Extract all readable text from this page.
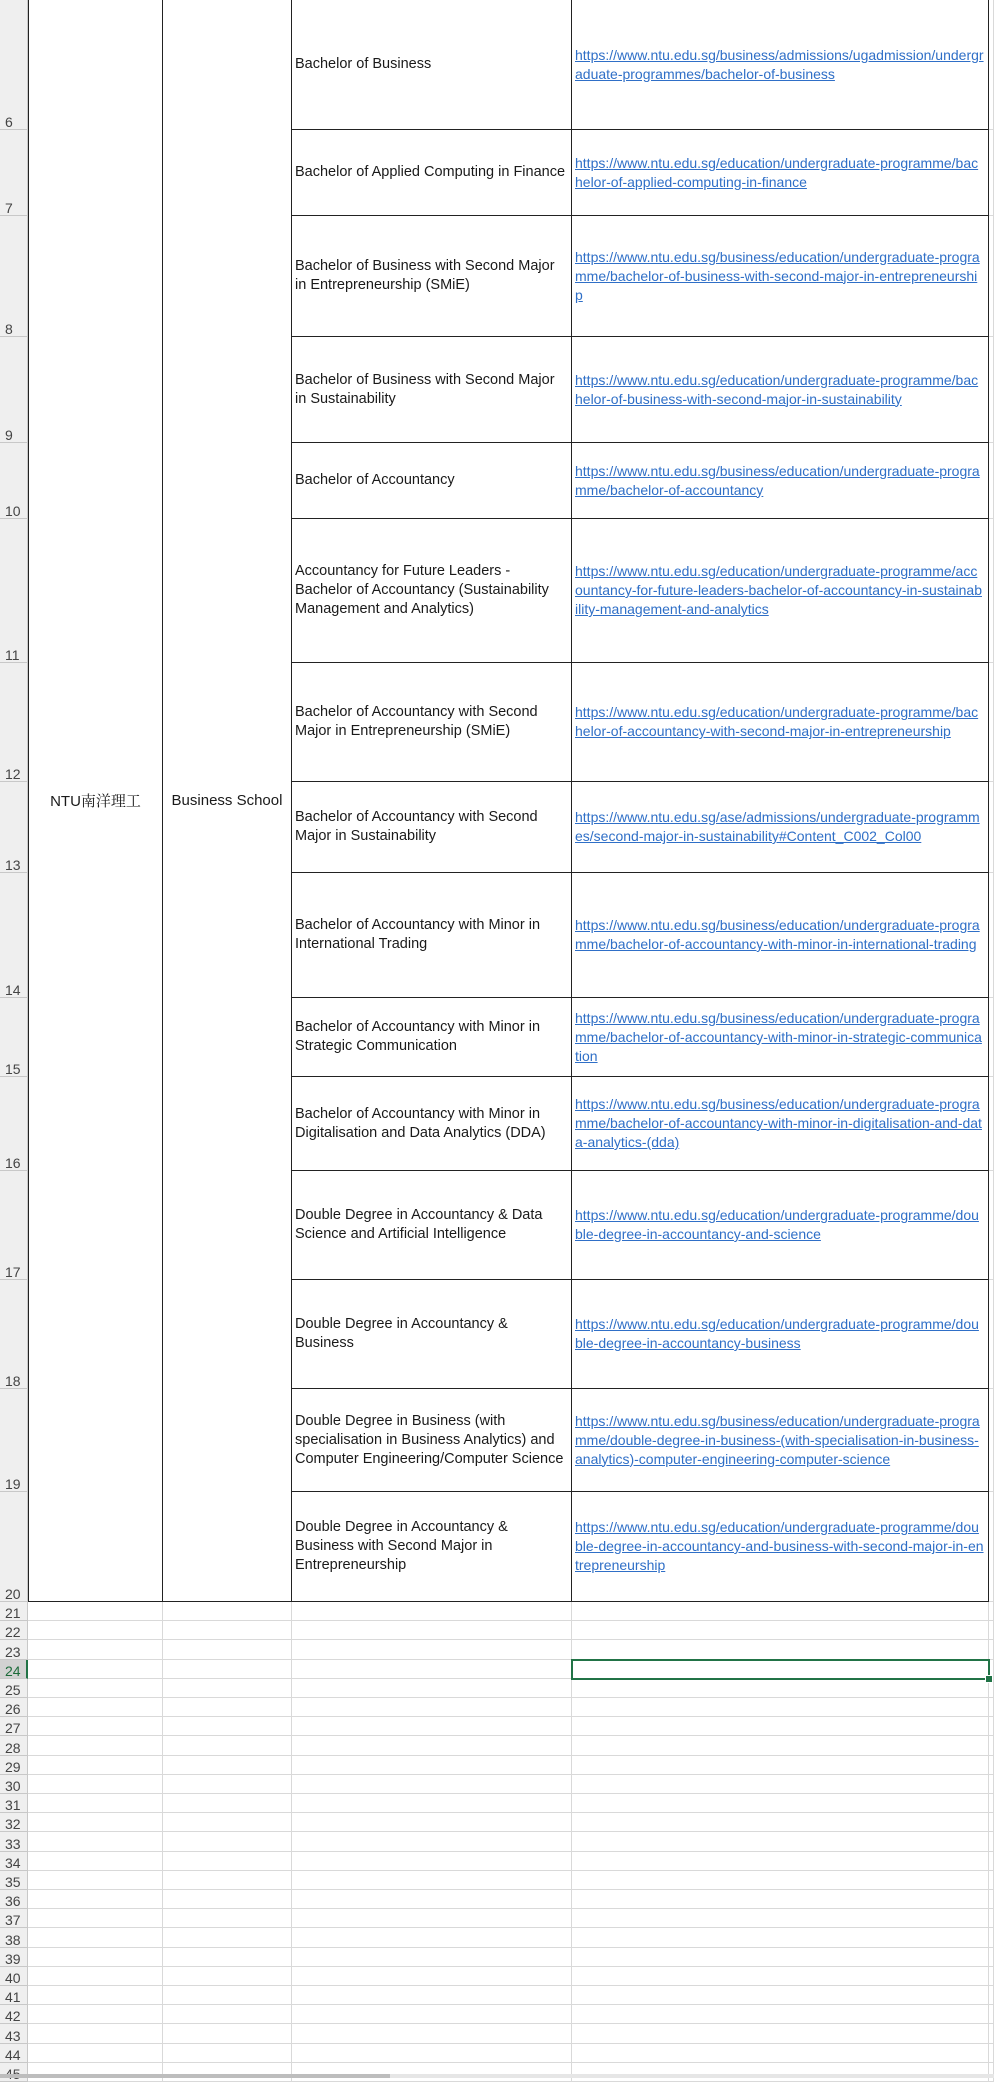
6
Bachelor of Business
https://www.ntu.edu.sg/business/admissions/ugadmission/undergraduate-programmes/bachelor-of-business
7
Bachelor of Applied Computing in Finance
https://www.ntu.edu.sg/education/undergraduate-programme/bachelor-of-applied-computing-in-finance
8
Bachelor of Business with Second Major in Entrepreneurship (SMiE)
https://www.ntu.edu.sg/business/education/undergraduate-programme/bachelor-of-business-with-second-major-in-entrepreneurship
9
Bachelor of Business with Second Major in Sustainability
https://www.ntu.edu.sg/education/undergraduate-programme/bachelor-of-business-with-second-major-in-sustainability
10
Bachelor of Accountancy
https://www.ntu.edu.sg/business/education/undergraduate-programme/bachelor-of-accountancy
11
Accountancy for Future Leaders - Bachelor of Accountancy (Sustainability Management and Analytics)
https://www.ntu.edu.sg/education/undergraduate-programme/accountancy-for-future-leaders-bachelor-of-accountancy-in-sustainability-management-and-analytics
12
Bachelor of Accountancy with Second Major in Entrepreneurship (SMiE)
https://www.ntu.edu.sg/education/undergraduate-programme/bachelor-of-accountancy-with-second-major-in-entrepreneurship
13
Bachelor of Accountancy with Second Major in Sustainability
https://www.ntu.edu.sg/ase/admissions/undergraduate-programmes/second-major-in-sustainability#Content_C002_Col00
14
Bachelor of Accountancy with Minor in International Trading
https://www.ntu.edu.sg/business/education/undergraduate-programme/bachelor-of-accountancy-with-minor-in-international-trading
15
Bachelor of Accountancy with Minor in Strategic Communication
https://www.ntu.edu.sg/business/education/undergraduate-programme/bachelor-of-accountancy-with-minor-in-strategic-communication
16
Bachelor of Accountancy with Minor in Digitalisation and Data Analytics (DDA)
https://www.ntu.edu.sg/business/education/undergraduate-programme/bachelor-of-accountancy-with-minor-in-digitalisation-and-data-analytics-(dda)
17
Double Degree in Accountancy & Data Science and Artificial Intelligence
https://www.ntu.edu.sg/education/undergraduate-programme/double-degree-in-accountancy-and-science
18
Double Degree in Accountancy & Business
https://www.ntu.edu.sg/education/undergraduate-programme/double-degree-in-accountancy-business
19
Double Degree in Business (with specialisation in Business Analytics) and Computer Engineering/Computer Science
https://www.ntu.edu.sg/business/education/undergraduate-programme/double-degree-in-business-(with-specialisation-in-business-analytics)-computer-engineering-computer-science
20
Double Degree in Accountancy & Business with Second Major in Entrepreneurship
https://www.ntu.edu.sg/education/undergraduate-programme/double-degree-in-accountancy-and-business-with-second-major-in-entrepreneurship
21
22
23
24
25
26
27
28
29
30
31
32
33
34
35
36
37
38
39
40
41
42
43
44
NTU南洋理工 Business School
